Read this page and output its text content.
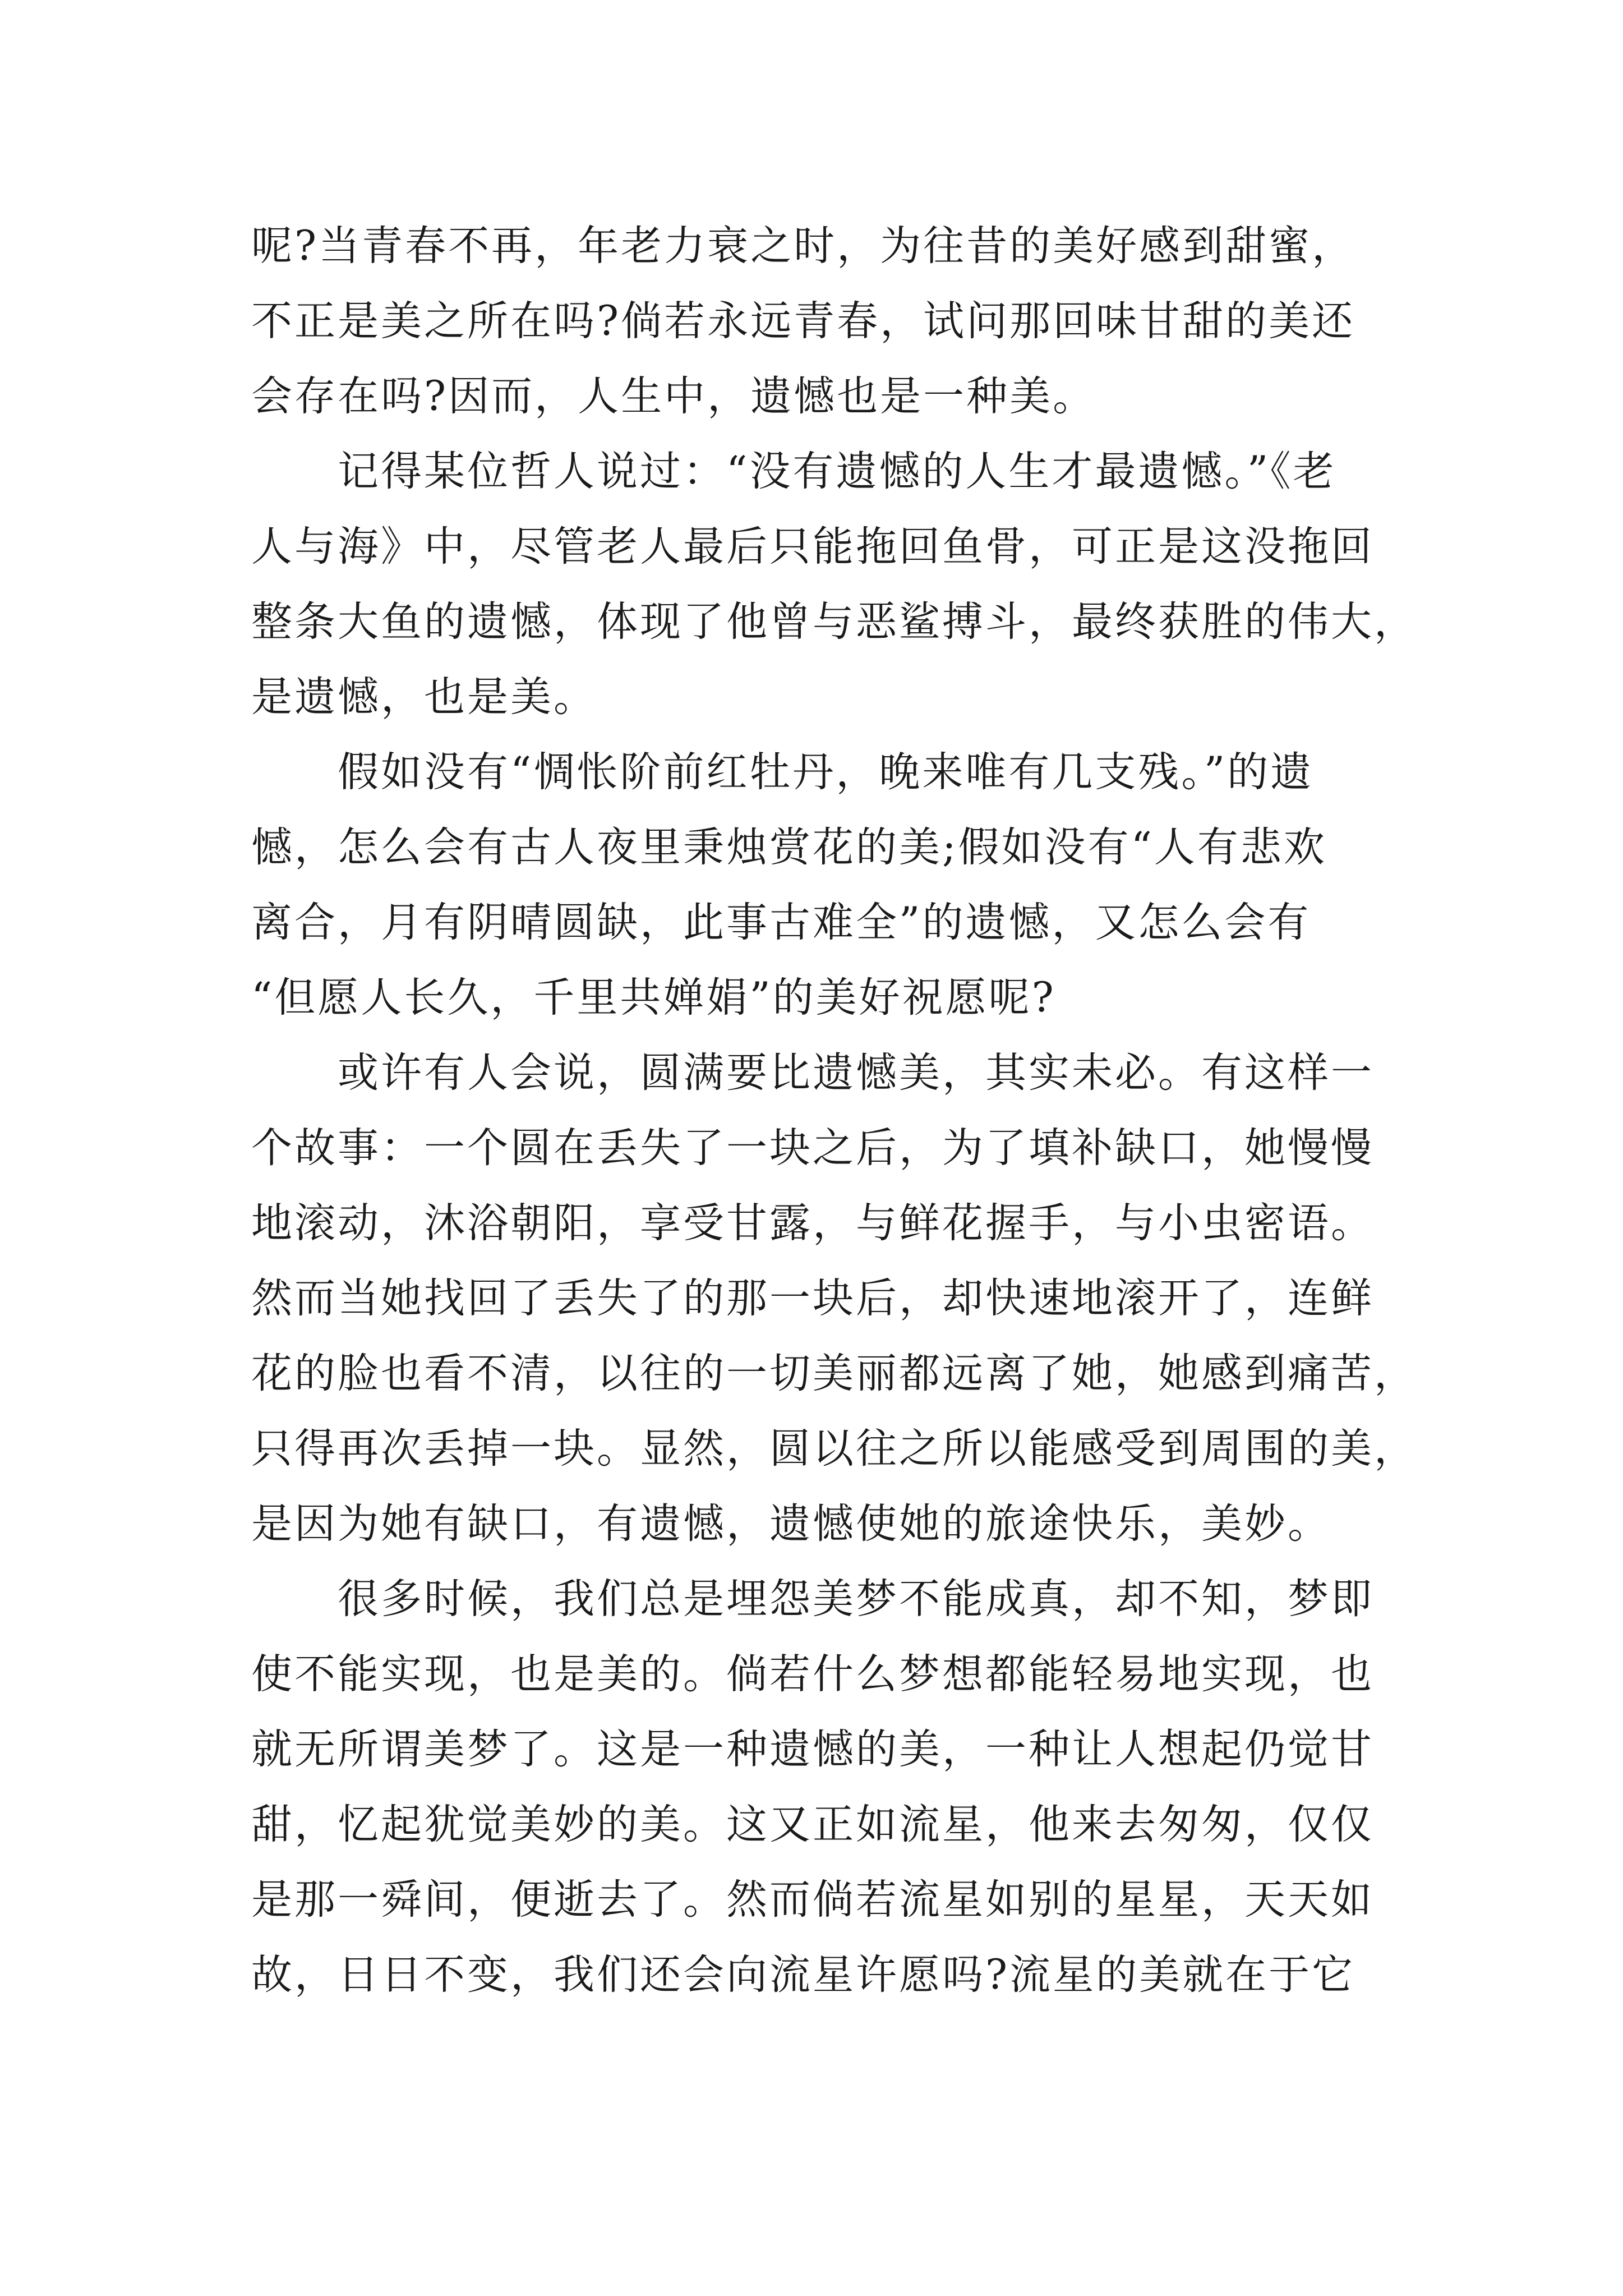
呢?当青春不再，年老力衰之时，为往昔的美好感到甜蜜，
不正是美之所在吗?倘若永远青春，试问那回味甘甜的美还
会存在吗?因而，人生中，遗憾也是一种美。
　　记得某位哲人说过：“没有遗憾的人生才最遗憾。”《老
人与海》中，尽管老人最后只能拖回鱼骨，可正是这没拖回
整条大鱼的遗憾，体现了他曾与恶鲨搏斗，最终获胜的伟大，
是遗憾，也是美。
　　假如没有“惆怅阶前红牡丹，晚来唯有几支残。”的遗
憾，怎么会有古人夜里秉烛赏花的美;假如没有“人有悲欢
离合，月有阴晴圆缺，此事古难全”的遗憾，又怎么会有
“但愿人长久，千里共婵娟”的美好祝愿呢?
　　或许有人会说，圆满要比遗憾美，其实未必。有这样一
个故事：一个圆在丢失了一块之后，为了填补缺口，她慢慢
地滚动，沐浴朝阳，享受甘露，与鲜花握手，与小虫密语。
然而当她找回了丢失了的那一块后，却快速地滚开了，连鲜
花的脸也看不清，以往的一切美丽都远离了她，她感到痛苦，
只得再次丢掉一块。显然，圆以往之所以能感受到周围的美，
是因为她有缺口，有遗憾，遗憾使她的旅途快乐，美妙。
　　很多时候，我们总是埋怨美梦不能成真，却不知，梦即
使不能实现，也是美的。倘若什么梦想都能轻易地实现，也
就无所谓美梦了。这是一种遗憾的美，一种让人想起仍觉甘
甜，忆起犹觉美妙的美。这又正如流星，他来去匆匆，仅仅
是那一舜间，便逝去了。然而倘若流星如别的星星，天天如
故，日日不变，我们还会向流星许愿吗?流星的美就在于它
